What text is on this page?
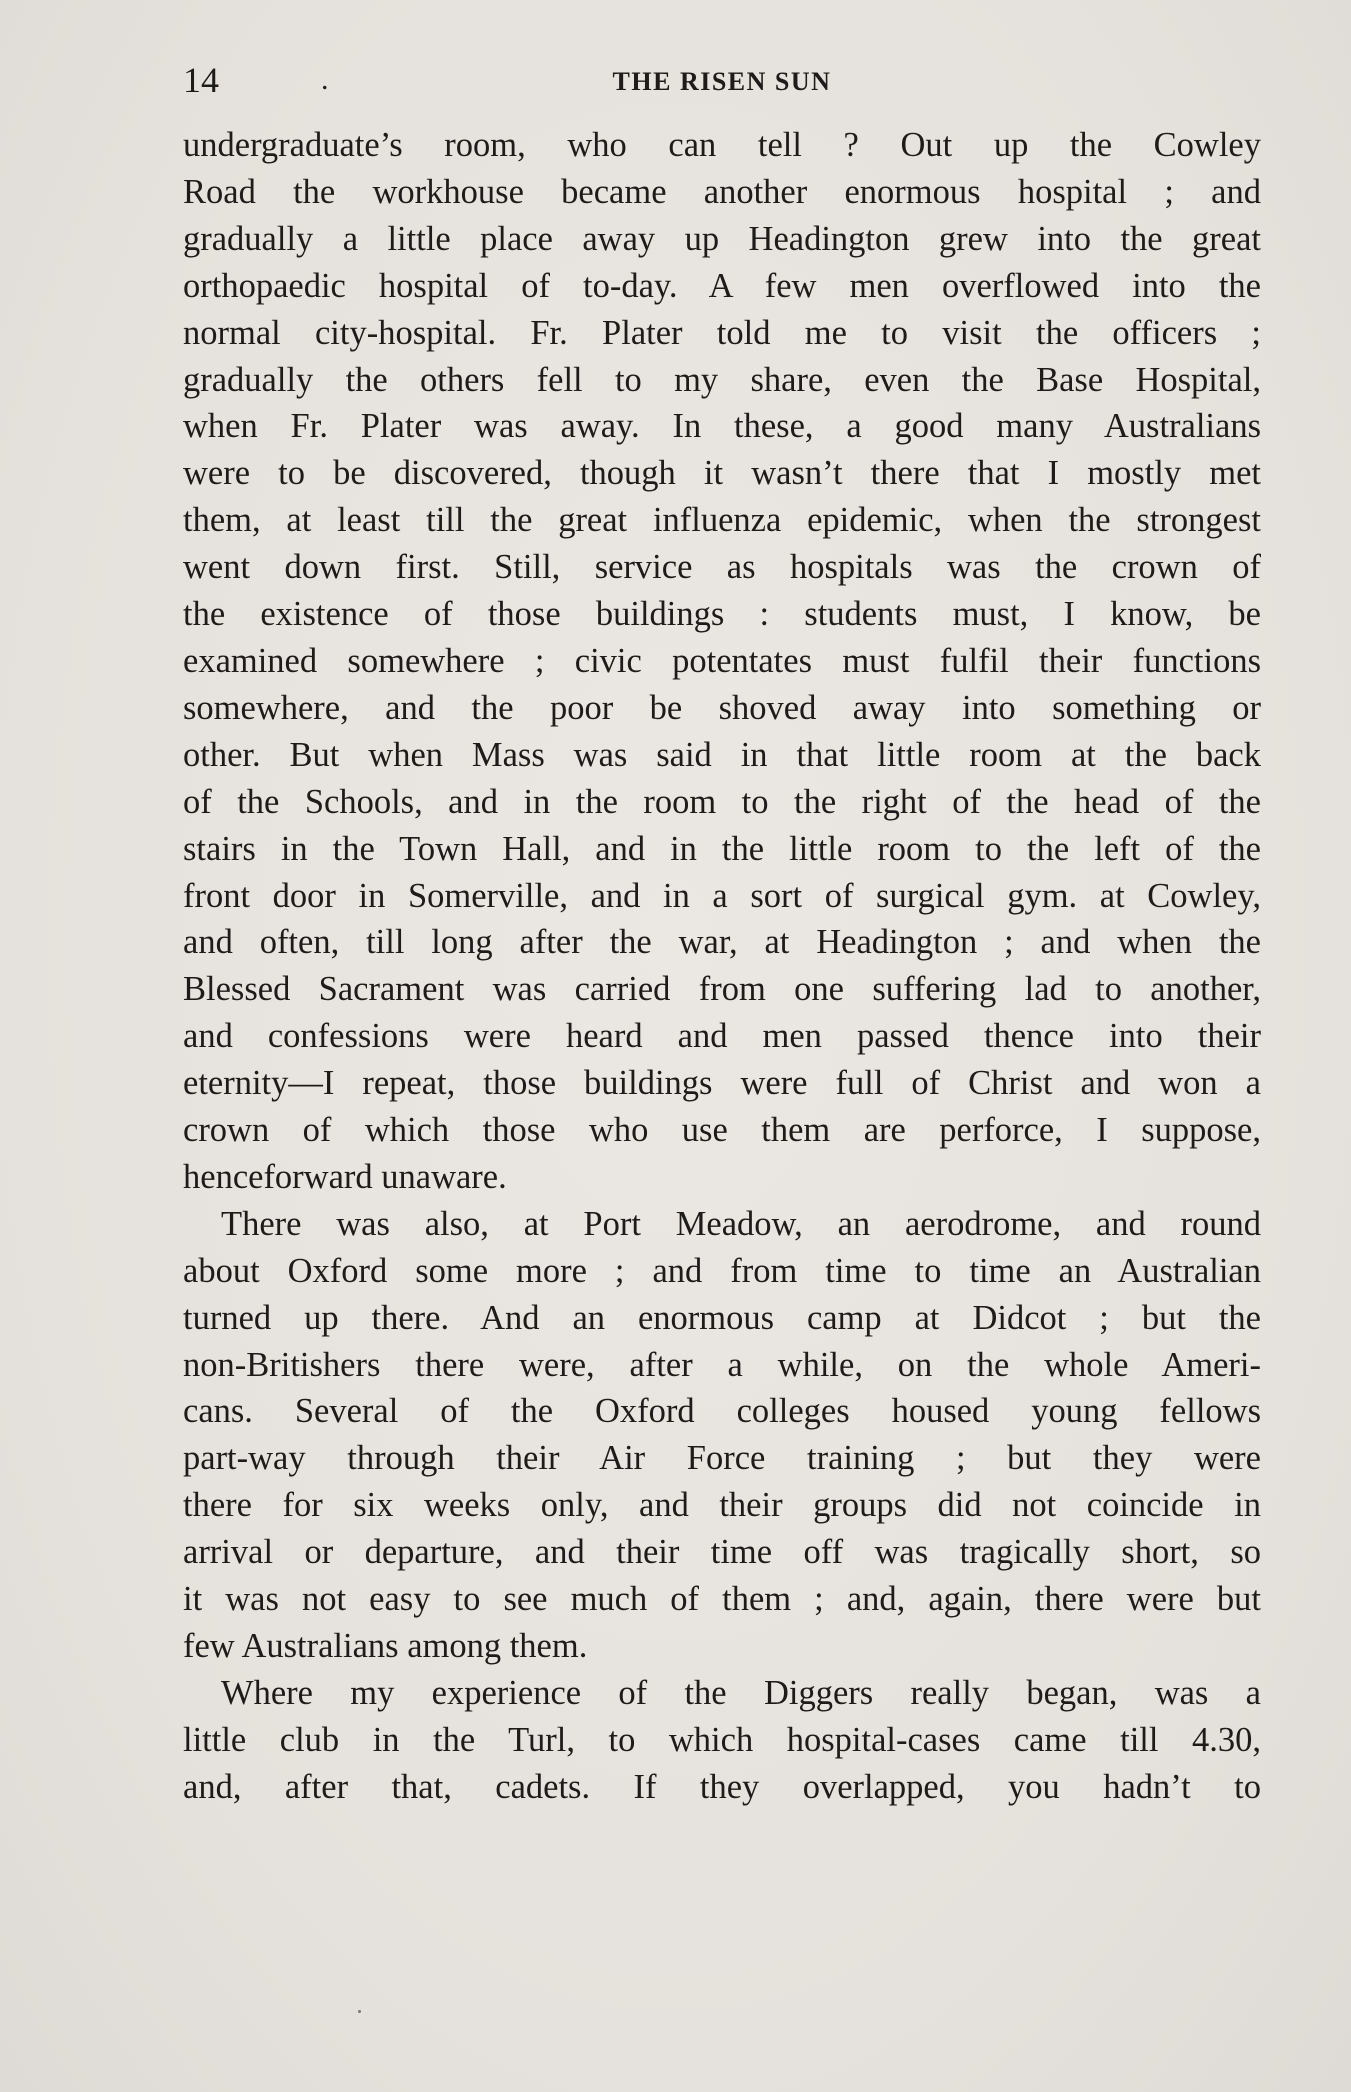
14	.	THE RISEN SUN

undergraduate’s room, who can tell ? Out up the Cowley
Road the workhouse became another enormous hospital ; and
gradually a little place away up Headington grew into the great
orthopaedic hospital of to-day. A few men overflowed into the
normal city-hospital. Fr. Plater told me to visit the officers ;
gradually the others fell to my share, even the Base Hospital,
when Fr. Plater was away. In these, a good many Australians
were to be discovered, though it wasn’t there that I mostly met
them, at least till the great influenza epidemic, when the strongest
went down first. Still, service as hospitals was the crown of
the existence of those buildings : students must, I know, be
examined somewhere ; civic potentates must fulfil their functions
somewhere, and the poor be shoved away into something or
other. But when Mass was said in that little room at the back
of the Schools, and in the room to the right of the head of the
stairs in the Town Hall, and in the little room to the left of the
front door in Somerville, and in a sort of surgical gym. at Cowley,
and often, till long after the war, at Headington ; and when the
Blessed Sacrament was carried from one suffering lad to another,
and confessions were heard and men passed thence into their
eternity—I repeat, those buildings were full of Christ and won a
crown of which those who use them are perforce, I suppose,
henceforward unaware.

There was also, at Port Meadow, an aerodrome, and round
about Oxford some more ; and from time to time an Australian
turned up there. And an enormous camp at Didcot ; but the
non-Britishers there were, after a while, on the whole Ameri-
cans. Several of the Oxford colleges housed young fellows
part-way through their Air Force training ; but they were
there for six weeks only, and their groups did not coincide in
arrival or departure, and their time off was tragically short, so
it was not easy to see much of them ; and, again, there were but
few Australians among them.

Where my experience of the Diggers really began, was a
little club in the Turl, to which hospital-cases came till 4.30,
and, after that, cadets. If they overlapped, you hadn’t to
